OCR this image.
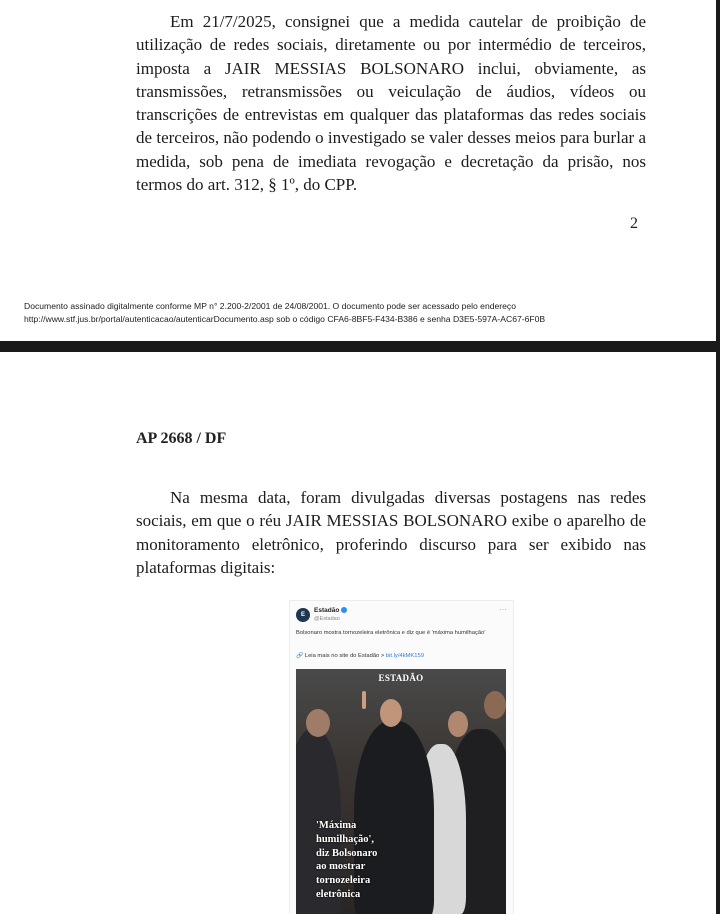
Em 21/7/2025, consignei que a medida cautelar de proibição de utilização de redes sociais, diretamente ou por intermédio de terceiros, imposta a JAIR MESSIAS BOLSONARO inclui, obviamente, as transmissões, retransmissões ou veiculação de áudios, vídeos ou transcrições de entrevistas em qualquer das plataformas das redes sociais de terceiros, não podendo o investigado se valer desses meios para burlar a medida, sob pena de imediata revogação e decretação da prisão, nos termos do art. 312, § 1º, do CPP.

2
Documento assinado digitalmente conforme MP n° 2.200-2/2001 de 24/08/2001. O documento pode ser acessado pelo endereço
http://www.stf.jus.br/portal/autenticacao/autenticarDocumento.asp sob o código CFA6-8BF5-F434-B386 e senha D3E5-597A-AC67-6F0B
AP 2668 / DF

Na mesma data, foram divulgadas diversas postagens nas redes sociais, em que o réu JAIR MESSIAS BOLSONARO exibe o aparelho de monitoramento eletrônico, proferindo discurso para ser exibido nas plataformas digitais:

E
Estadão
@Estadao
···
Bolsonaro mostra tornozeleira eletrônica e diz que é 'máxima humilhação'
🔗 Leia mais no site do Estadão > bit.ly/4kMK159
ESTADÃO
'Máxima
humilhação',
diz Bolsonaro
ao mostrar
tornozeleira
eletrônica
